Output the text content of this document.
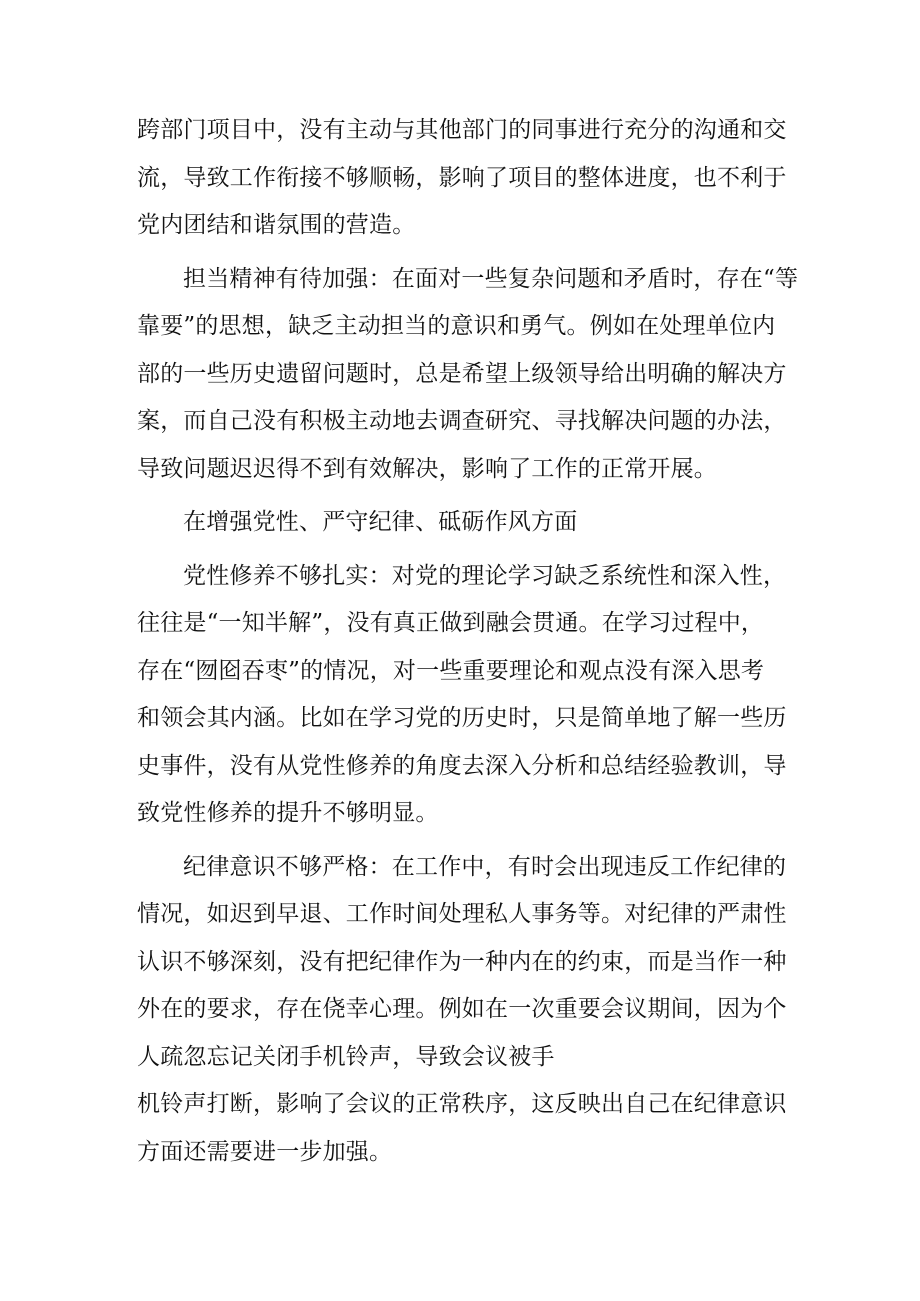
跨部门项目中，没有主动与其他部门的同事进行充分的沟通和交
流，导致工作衔接不够顺畅，影响了项目的整体进度，也不利于
党内团结和谐氛围的营造。
担当精神有待加强：在面对一些复杂问题和矛盾时，存在“等
靠要”的思想，缺乏主动担当的意识和勇气。例如在处理单位内
部的一些历史遗留问题时，总是希望上级领导给出明确的解决方
案，而自己没有积极主动地去调查研究、寻找解决问题的办法，
导致问题迟迟得不到有效解决，影响了工作的正常开展。
在增强党性、严守纪律、砥砺作风方面
党性修养不够扎实：对党的理论学习缺乏系统性和深入性，
往往是“一知半解”，没有真正做到融会贯通。在学习过程中，
存在“囫囵吞枣”的情况，对一些重要理论和观点没有深入思考
和领会其内涵。比如在学习党的历史时，只是简单地了解一些历
史事件，没有从党性修养的角度去深入分析和总结经验教训，导
致党性修养的提升不够明显。
纪律意识不够严格：在工作中，有时会出现违反工作纪律的
情况，如迟到早退、工作时间处理私人事务等。对纪律的严肃性
认识不够深刻，没有把纪律作为一种内在的约束，而是当作一种
外在的要求，存在侥幸心理。例如在一次重要会议期间，因为个
人疏忽忘记关闭手机铃声，导致会议被手
机铃声打断，影响了会议的正常秩序，这反映出自己在纪律意识
方面还需要进一步加强。
